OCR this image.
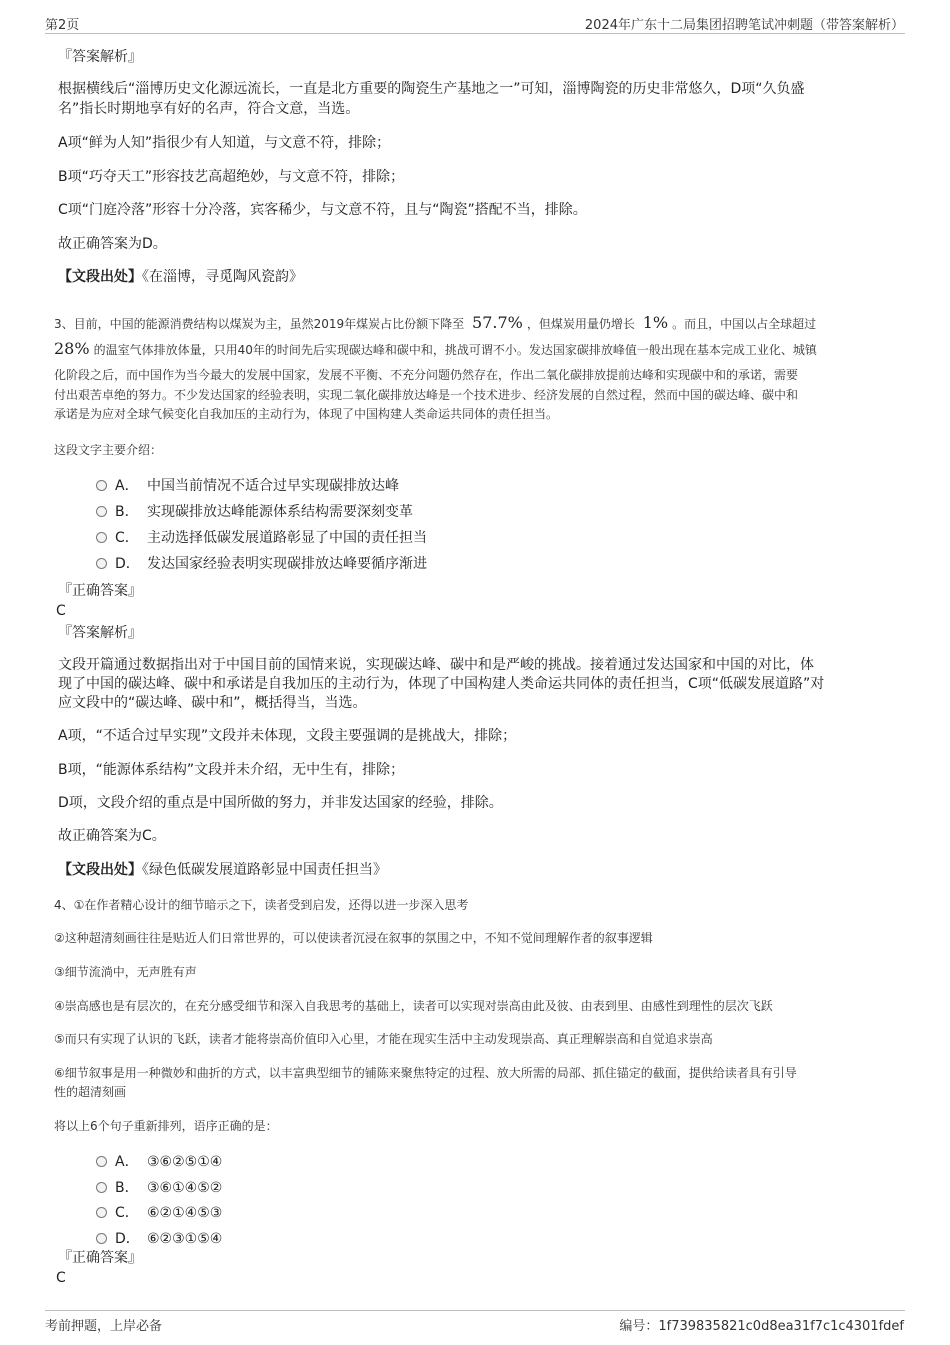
第2页	2024年广东十二局集团招聘笔试冲刺题（带答案解析）
『答案解析』
根据横线后“淄博历史文化源远流长，一直是北方重要的陶瓷生产基地之一”可知，淄博陶瓷的历史非常悠久，D项“久负盛
名”指长时期地享有好的名声，符合文意，当选。
A项“鲜为人知”指很少有人知道，与文意不符，排除；
B项“巧夺天工”形容技艺高超绝妙，与文意不符，排除；
C项“门庭冷落”形容十分冷落，宾客稀少，与文意不符，且与“陶瓷”搭配不当，排除。
故正确答案为D。
【文段出处】《在淄博，寻觅陶风瓷韵》
3、目前，中国的能源消费结构以煤炭为主，虽然2019年煤炭占比份额下降至 57.7% ，但煤炭用量仍增长 1% 。而且，中国以占全球超过
28% 的温室气体排放体量，只用40年的时间先后实现碳达峰和碳中和，挑战可谓不小。发达国家碳排放峰值一般出现在基本完成工业化、城镇
化阶段之后，而中国作为当今最大的发展中国家，发展不平衡、不充分问题仍然存在，作出二氧化碳排放提前达峰和实现碳中和的承诺，需要
付出艰苦卓绝的努力。不少发达国家的经验表明，实现二氧化碳排放达峰是一个技术进步、经济发展的自然过程，然而中国的碳达峰、碳中和
承诺是为应对全球气候变化自我加压的主动行为，体现了中国构建人类命运共同体的责任担当。
这段文字主要介绍：
A． 中国当前情况不适合过早实现碳排放达峰
B． 实现碳排放达峰能源体系结构需要深刻变革
C． 主动选择低碳发展道路彰显了中国的责任担当
D． 发达国家经验表明实现碳排放达峰要循序渐进
『正确答案』
C
『答案解析』
文段开篇通过数据指出对于中国目前的国情来说，实现碳达峰、碳中和是严峻的挑战。接着通过发达国家和中国的对比，体
现了中国的碳达峰、碳中和承诺是自我加压的主动行为，体现了中国构建人类命运共同体的责任担当，C项“低碳发展道路”对
应文段中的“碳达峰、碳中和”，概括得当，当选。
A项，“不适合过早实现”文段并未体现，文段主要强调的是挑战大，排除；
B项，“能源体系结构”文段并未介绍，无中生有，排除；
D项，文段介绍的重点是中国所做的努力，并非发达国家的经验，排除。
故正确答案为C。
【文段出处】《绿色低碳发展道路彰显中国责任担当》
4、①在作者精心设计的细节暗示之下，读者受到启发，还得以进一步深入思考
②这种超清刻画往往是贴近人们日常世界的，可以使读者沉浸在叙事的氛围之中，不知不觉间理解作者的叙事逻辑
③细节流淌中，无声胜有声
④崇高感也是有层次的，在充分感受细节和深入自我思考的基础上，读者可以实现对崇高由此及彼、由表到里、由感性到理性的层次飞跃
⑤而只有实现了认识的飞跃，读者才能将崇高价值印入心里，才能在现实生活中主动发现崇高、真正理解崇高和自觉追求崇高
⑥细节叙事是用一种微妙和曲折的方式，以丰富典型细节的铺陈来聚焦特定的过程、放大所需的局部、抓住锚定的截面，提供给读者具有引导
性的超清刻画
将以上6个句子重新排列，语序正确的是：
A． ③⑥②⑤①④
B． ③⑥①④⑤②
C． ⑥②①④⑤③
D． ⑥②③①⑤④
『正确答案』
C
考前押题，上岸必备	编号：1f739835821c0d8ea31f7c1c4301fdef
